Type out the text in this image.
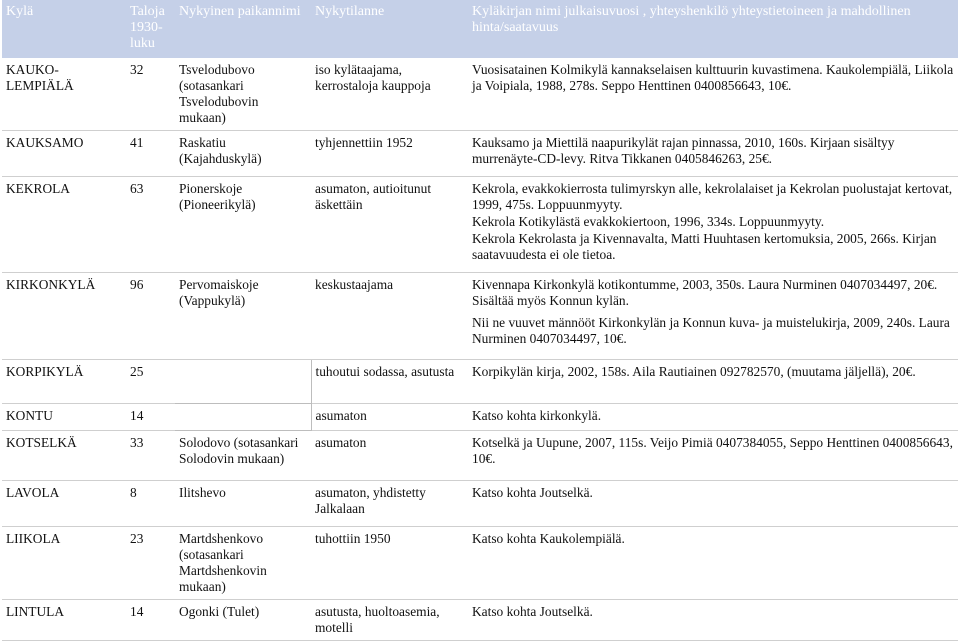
Kylä	Taloja 1930-luku	Nykyinen paikannimi	Nykytilanne	Kyläkirjan nimi julkaisuvuosi , yhteyshenkilö yhteystietoineen ja mahdollinen hinta/saatavuus
KAUKO-LEMPIÄLÄ	32	Tsvelodubovo (sotasankari Tsvelodubovin mukaan)	iso kylätaajama, kerrostaloja kauppoja	Vuosisatainen Kolmikylä kannakselaisen kulttuurin kuvastimena. Kaukolempiälä, Liikola ja Voipiala, 1988, 278s. Seppo Henttinen 0400856643, 10€.

KAUKSAMO	41	Raskatiu (Kajahduskylä)	tyhjennettiin 1952	Kauksamo ja Miettilä naapurikylät rajan pinnassa, 2010, 160s. Kirjaan sisältyy murrenäyte-CD-levy. Ritva Tikkanen 0405846263, 25€.

KEKROLA	63	Pionerskoje (Pioneerikylä)	asumaton, autioitunut äskettäin	Kekrola, evakkokierrosta tulimyrskyn alle, kekrolalaiset ja Kekrolan puolustajat kertovat, 1999, 475s. Loppuunmyyty.
Kekrola Kotikylästä evakkokiertoon, 1996, 334s. Loppuunmyyty.
Kekrola Kekrolasta ja Kivennavalta, Matti Huuhtasen kertomuksia, 2005, 266s. Kirjan saatavuudesta ei ole tietoa.

KIRKONKYLÄ	96	Pervomaiskoje (Vappukylä)	keskustaajama	Kivennapa Kirkonkylä kotikontumme, 2003, 350s. Laura Nurminen 0407034497, 20€. Sisältää myös Konnun kylän.
Nii ne vuuvet männööt Kirkonkylän ja Konnun kuva- ja muistelukirja, 2009, 240s. Laura Nurminen 0407034497, 10€.

KORPIKYLÄ	25		tuhoutui sodassa, asutusta	Korpikylän kirja, 2002, 158s. Aila Rautiainen 092782570, (muutama jäljellä), 20€.

KONTU	14		asumaton	Katso kohta kirkonkylä.

KOTSELKÄ	33	Solodovo (sotasankari Solodovin mukaan)	asumaton	Kotselkä ja Uupune, 2007, 115s. Veijo Pimiä 0407384055, Seppo Henttinen 0400856643, 10€.

LAVOLA	8	Ilitshevo	asumaton, yhdistetty Jalkalaan	Katso kohta Joutselkä.

LIIKOLA	23	Martdshenkovo (sotasankari Martdshenkovin mukaan)	tuhottiin 1950	Katso kohta Kaukolempiälä.

LINTULA	14	Ogonki (Tulet)	asutusta, huoltoasemia, motelli	Katso kohta Joutselkä.
